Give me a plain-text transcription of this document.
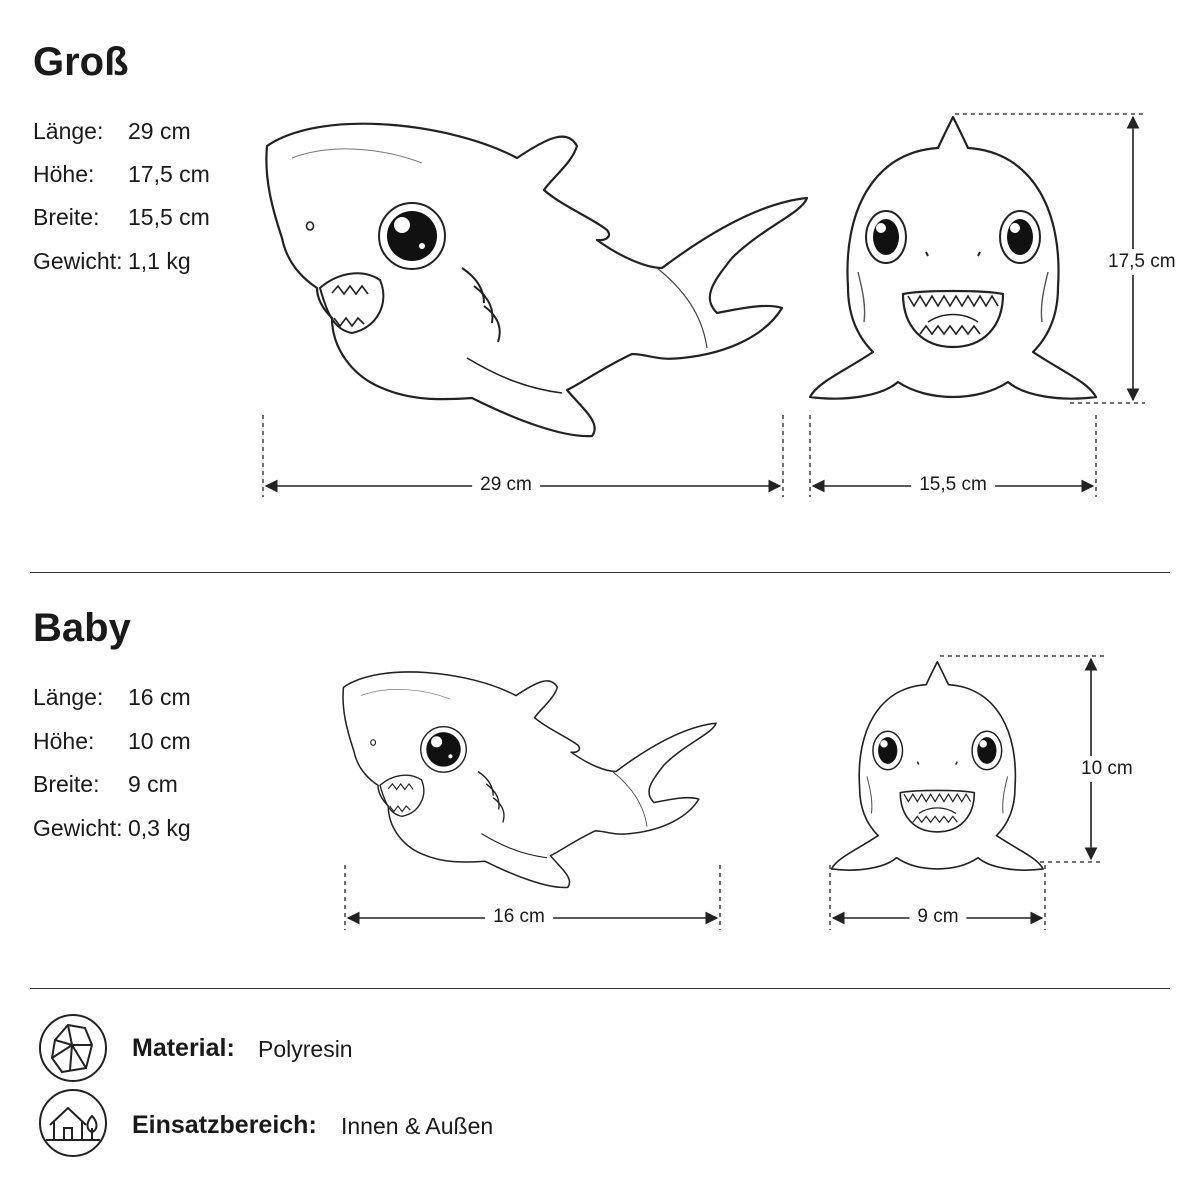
Groß
Länge: 29 cm
Höhe: 17,5 cm
Breite: 15,5 cm
Gewicht: 1,1 kg
29 cm	15,5 cm
17,5 cm
Baby
Länge: 16 cm
Höhe: 10 cm
Breite: 9 cm
Gewicht: 0,3 kg
16 cm	9 cm
10 cm
Material: Polyresin
Einsatzbereich: Innen & Außen
